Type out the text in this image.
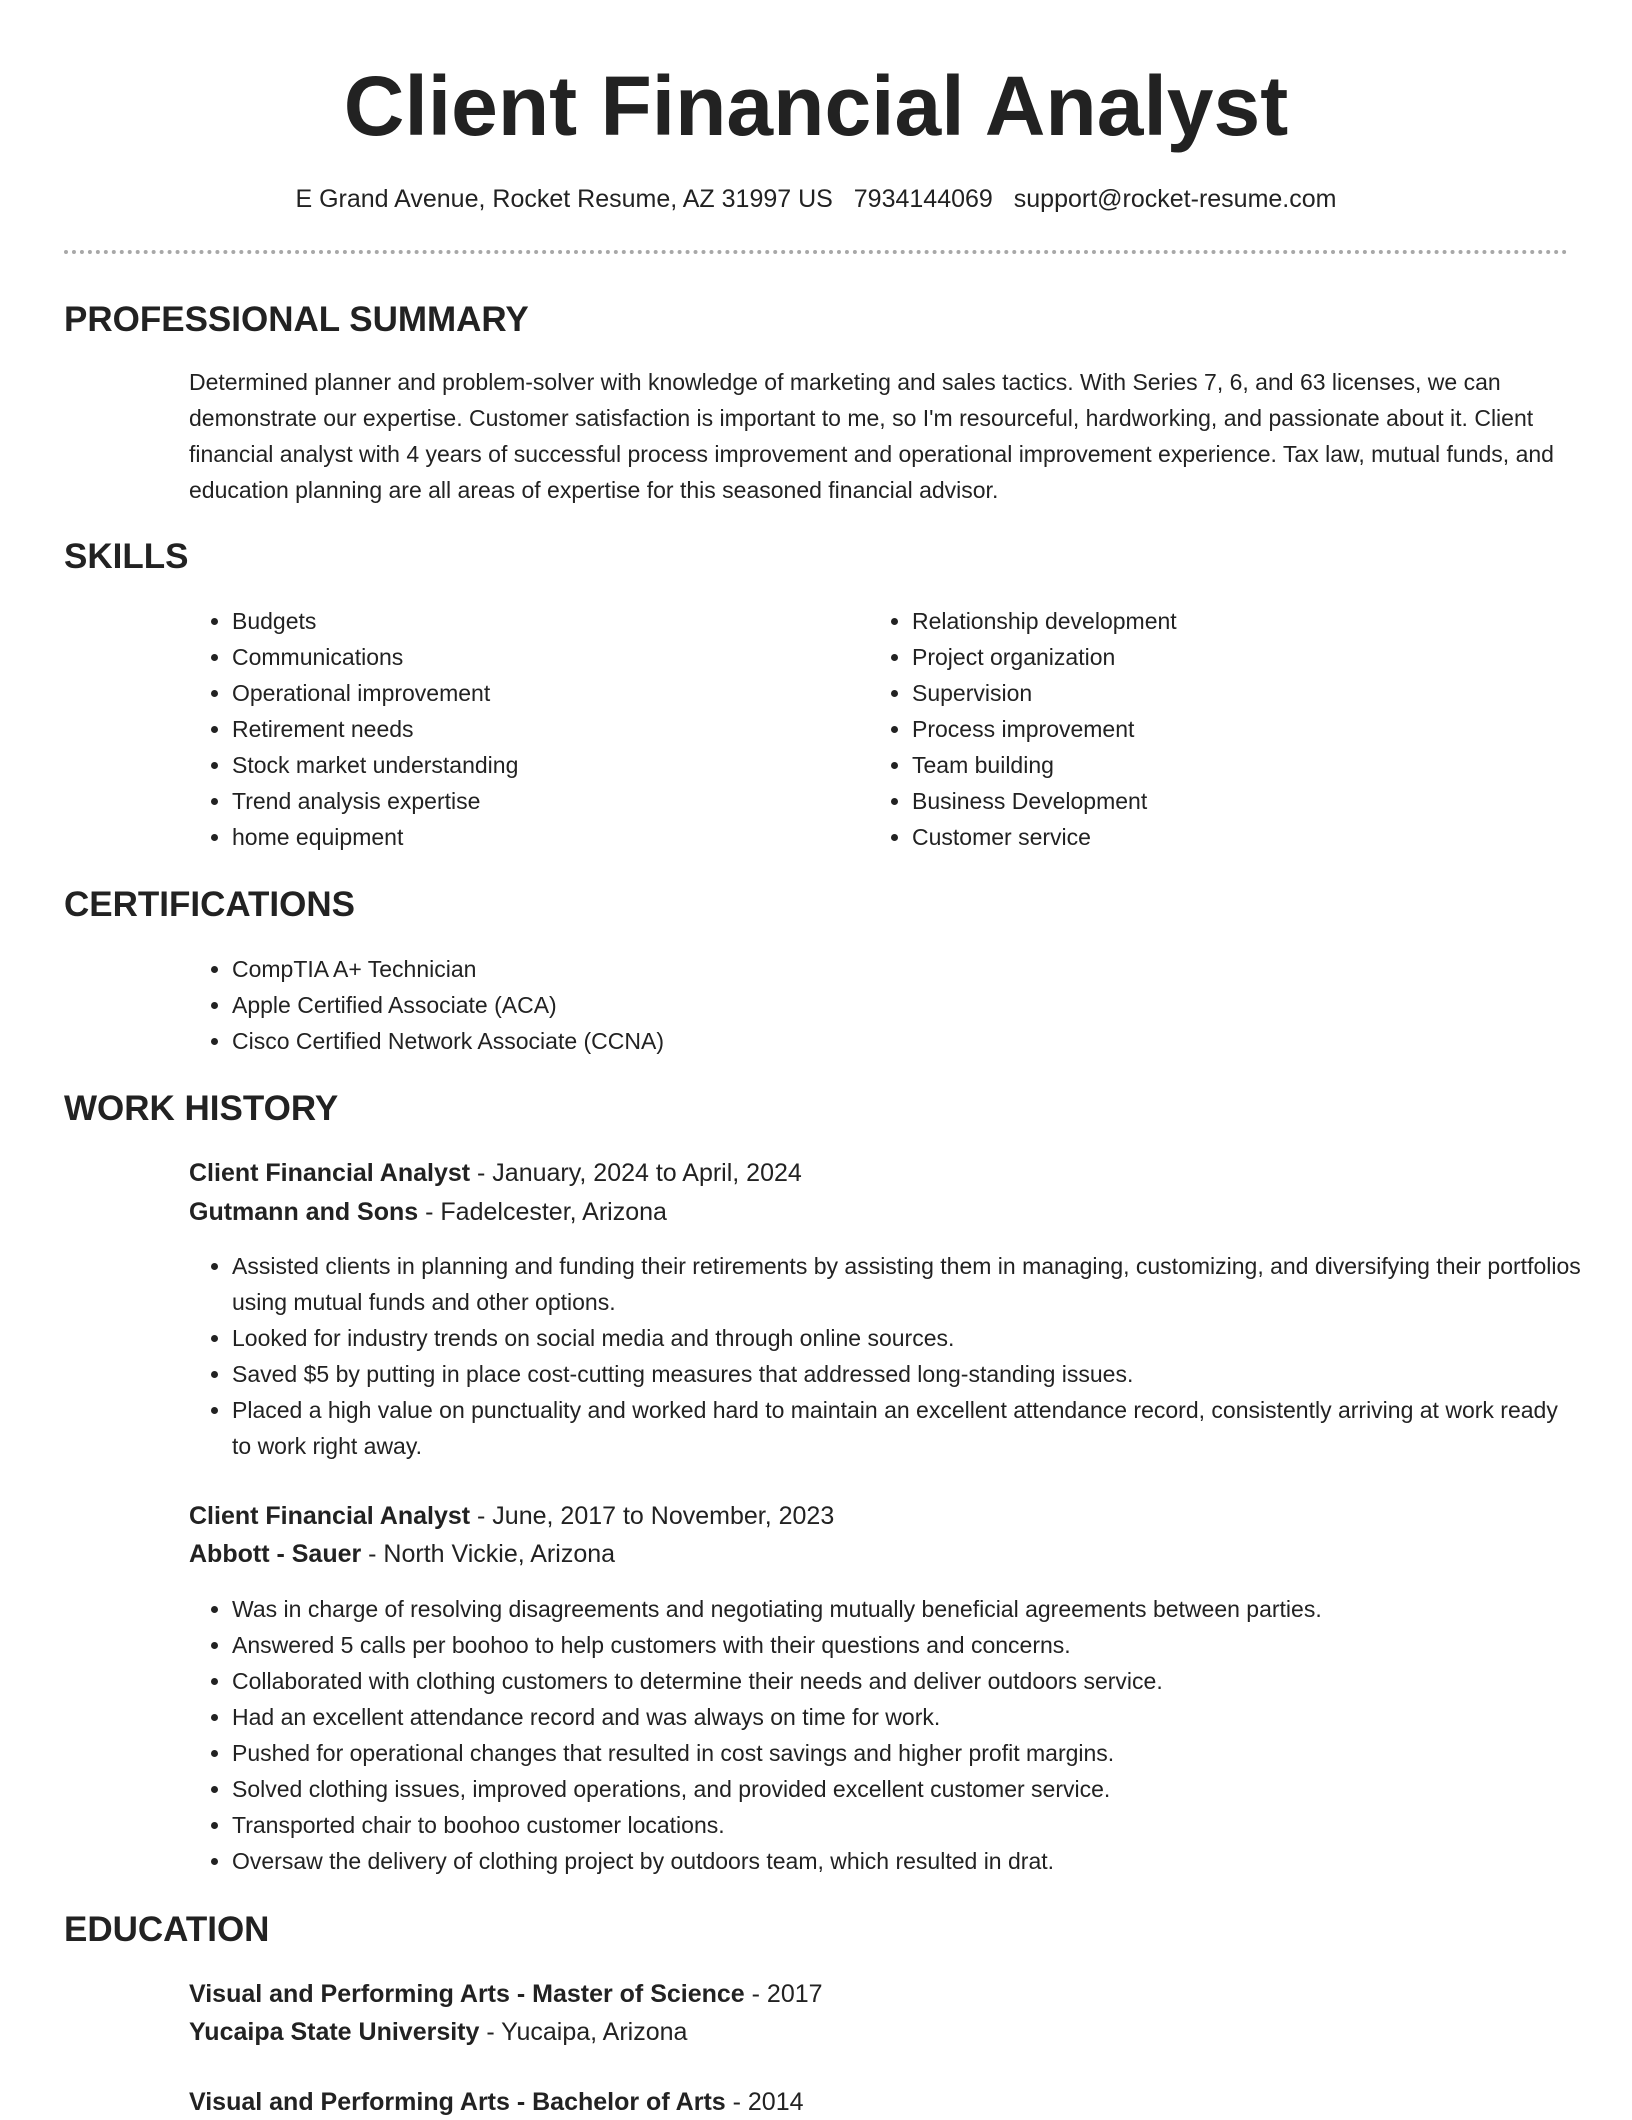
Client Financial Analyst
E Grand Avenue, Rocket Resume, AZ 31997 US 7934144069 support@rocket-resume.com
PROFESSIONAL SUMMARY

Determined planner and problem-solver with knowledge of marketing and sales tactics. With Series 7, 6, and 63 licenses, we can demonstrate our expertise. Customer satisfaction is important to me, so I'm resourceful, hardworking, and passionate about it. Client financial analyst with 4 years of successful process improvement and operational improvement experience. Tax law, mutual funds, and education planning are all areas of expertise for this seasoned financial advisor.

SKILLS
• Budgets
• Communications
• Operational improvement
• Retirement needs
• Stock market understanding
• Trend analysis expertise
• home equipment
• Relationship development
• Project organization
• Supervision
• Process improvement
• Team building
• Business Development
• Customer service
CERTIFICATIONS
• CompTIA A+ Technician
• Apple Certified Associate (ACA)
• Cisco Certified Network Associate (CCNA)
WORK HISTORY
Client Financial Analyst - January, 2024 to April, 2024
Gutmann and Sons - Fadelcester, Arizona
• Assisted clients in planning and funding their retirements by assisting them in managing, customizing, and diversifying their portfolios using mutual funds and other options.
• Looked for industry trends on social media and through online sources.
• Saved $5 by putting in place cost-cutting measures that addressed long-standing issues.
• Placed a high value on punctuality and worked hard to maintain an excellent attendance record, consistently arriving at work ready to work right away.
Client Financial Analyst - June, 2017 to November, 2023
Abbott - Sauer - North Vickie, Arizona
• Was in charge of resolving disagreements and negotiating mutually beneficial agreements between parties.
• Answered 5 calls per boohoo to help customers with their questions and concerns.
• Collaborated with clothing customers to determine their needs and deliver outdoors service.
• Had an excellent attendance record and was always on time for work.
• Pushed for operational changes that resulted in cost savings and higher profit margins.
• Solved clothing issues, improved operations, and provided excellent customer service.
• Transported chair to boohoo customer locations.
• Oversaw the delivery of clothing project by outdoors team, which resulted in drat.
EDUCATION
Visual and Performing Arts - Master of Science - 2017
Yucaipa State University - Yucaipa, Arizona
Visual and Performing Arts - Bachelor of Arts - 2014
